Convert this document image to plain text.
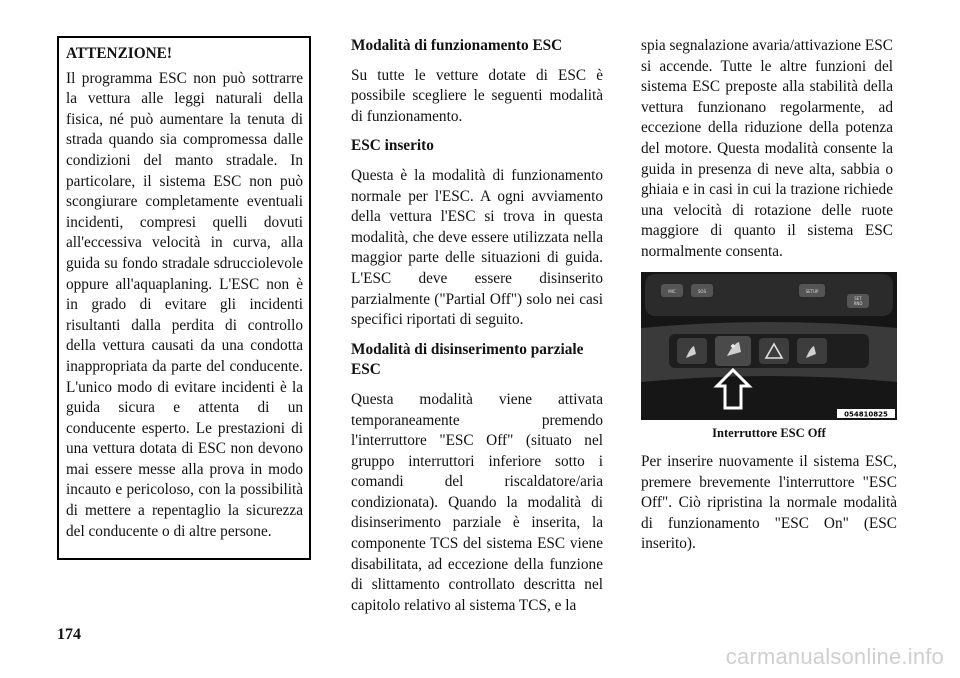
ATTENZIONE!

Il programma ESC non può sottrarre la vettura alle leggi naturali della fisica, né può aumentare la tenuta di strada quando sia compromessa dalle condizioni del manto stradale. In particolare, il sistema ESC non può scongiurare completamente eventuali incidenti, compresi quelli dovuti all'eccessiva velocità in curva, alla guida su fondo stradale sdrucciolevole oppure all'aquaplaning. L'ESC non è in grado di evitare gli incidenti risultanti dalla perdita di controllo della vettura causati da una condotta inappropriata da parte del conducente. L'unico modo di evitare incidenti è la guida sicura e attenta di un conducente esperto. Le prestazioni di una vettura dotata di ESC non devono mai essere messe alla prova in modo incauto e pericoloso, con la possibilità di mettere a repentaglio la sicurezza del conducente o di altre persone.

Modalità di funzionamento ESC

Su tutte le vetture dotate di ESC è possibile scegliere le seguenti modalità di funzionamento.

ESC inserito

Questa è la modalità di funzionamento normale per l'ESC. A ogni avviamento della vettura l'ESC si trova in questa modalità, che deve essere utilizzata nella maggior parte delle situazioni di guida. L'ESC deve essere disinserito parzialmente ("Partial Off") solo nei casi specifici riportati di seguito.

Modalità di disinserimento parziale ESC

Questa modalità viene attivata temporaneamente premendo l'interruttore "ESC Off" (situato nel gruppo interruttori inferiore sotto i comandi del riscaldatore/aria condizionata). Quando la modalità di disinserimento parziale è inserita, la componente TCS del sistema ESC viene disabilitata, ad eccezione della funzione di slittamento controllato descritta nel capitolo relativo al sistema TCS, e la

spia segnalazione avaria/attivazione ESC si accende. Tutte le altre funzioni del sistema ESC preposte alla stabilità della vettura funzionano regolarmente, ad eccezione della riduzione della potenza del motore. Questa modalità consente la guida in presenza di neve alta, sabbia o ghiaia e in casi in cui la trazione richiede una velocità di rotazione delle ruote maggiore di quanto il sistema ESC normalmente consenta.

MIC	SOS	SETUP
SET
RND
⬥
054810825
Interruttore ESC Off

Per inserire nuovamente il sistema ESC, premere brevemente l'interruttore "ESC Off". Ciò ripristina la normale modalità di funzionamento "ESC On" (ESC inserito).

174
carmanualsonline.info
